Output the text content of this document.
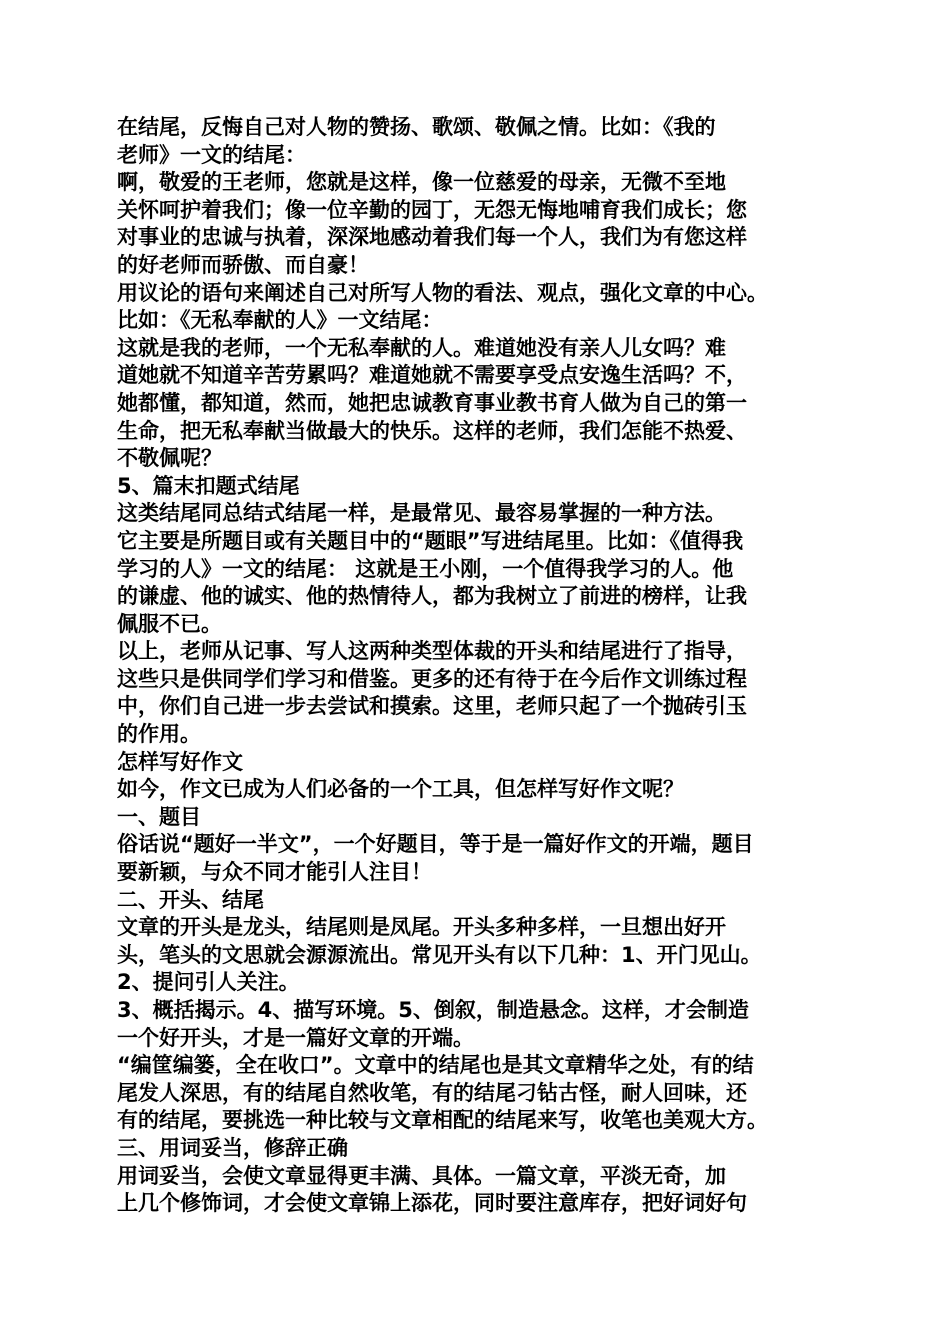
在结尾，反悔自己对人物的赞扬、歌颂、敬佩之情。比如：《我的
老师》一文的结尾：
啊，敬爱的王老师，您就是这样，像一位慈爱的母亲，无微不至地
关怀呵护着我们；像一位辛勤的园丁，无怨无悔地哺育我们成长；您
对事业的忠诚与执着，深深地感动着我们每一个人，我们为有您这样
的好老师而骄傲、而自豪！
用议论的语句来阐述自己对所写人物的看法、观点，强化文章的中心。
比如：《无私奉献的人》一文结尾：
这就是我的老师，一个无私奉献的人。难道她没有亲人儿女吗？难
道她就不知道辛苦劳累吗？难道她就不需要享受点安逸生活吗？不，
她都懂，都知道，然而，她把忠诚教育事业教书育人做为自己的第一
生命，把无私奉献当做最大的快乐。这样的老师，我们怎能不热爱、
不敬佩呢？
5、篇末扣题式结尾
这类结尾同总结式结尾一样，是最常见、最容易掌握的一种方法。
它主要是所题目或有关题目中的“题眼”写进结尾里。比如：《值得我
学习的人》一文的结尾： 这就是王小刚，一个值得我学习的人。他
的谦虚、他的诚实、他的热情待人，都为我树立了前进的榜样，让我
佩服不已。
以上，老师从记事、写人这两种类型体裁的开头和结尾进行了指导，
这些只是供同学们学习和借鉴。更多的还有待于在今后作文训练过程
中，你们自己进一步去尝试和摸索。这里，老师只起了一个抛砖引玉
的作用。
怎样写好作文
如今，作文已成为人们必备的一个工具，但怎样写好作文呢？
一、题目
俗话说“题好一半文”，一个好题目，等于是一篇好作文的开端，题目
要新颖，与众不同才能引人注目！
二、开头、结尾
文章的开头是龙头，结尾则是凤尾。开头多种多样，一旦想出好开
头，笔头的文思就会源源流出。常见开头有以下几种：1、开门见山。
2、提问引人关注。
3、概括揭示。4、描写环境。5、倒叙，制造悬念。这样，才会制造
一个好开头，才是一篇好文章的开端。
“编筐编篓，全在收口”。文章中的结尾也是其文章精华之处，有的结
尾发人深思，有的结尾自然收笔，有的结尾刁钻古怪，耐人回味，还
有的结尾，要挑选一种比较与文章相配的结尾来写，收笔也美观大方。
三、用词妥当，修辞正确
用词妥当，会使文章显得更丰满、具体。一篇文章，平淡无奇，加
上几个修饰词，才会使文章锦上添花，同时要注意库存，把好词好句
